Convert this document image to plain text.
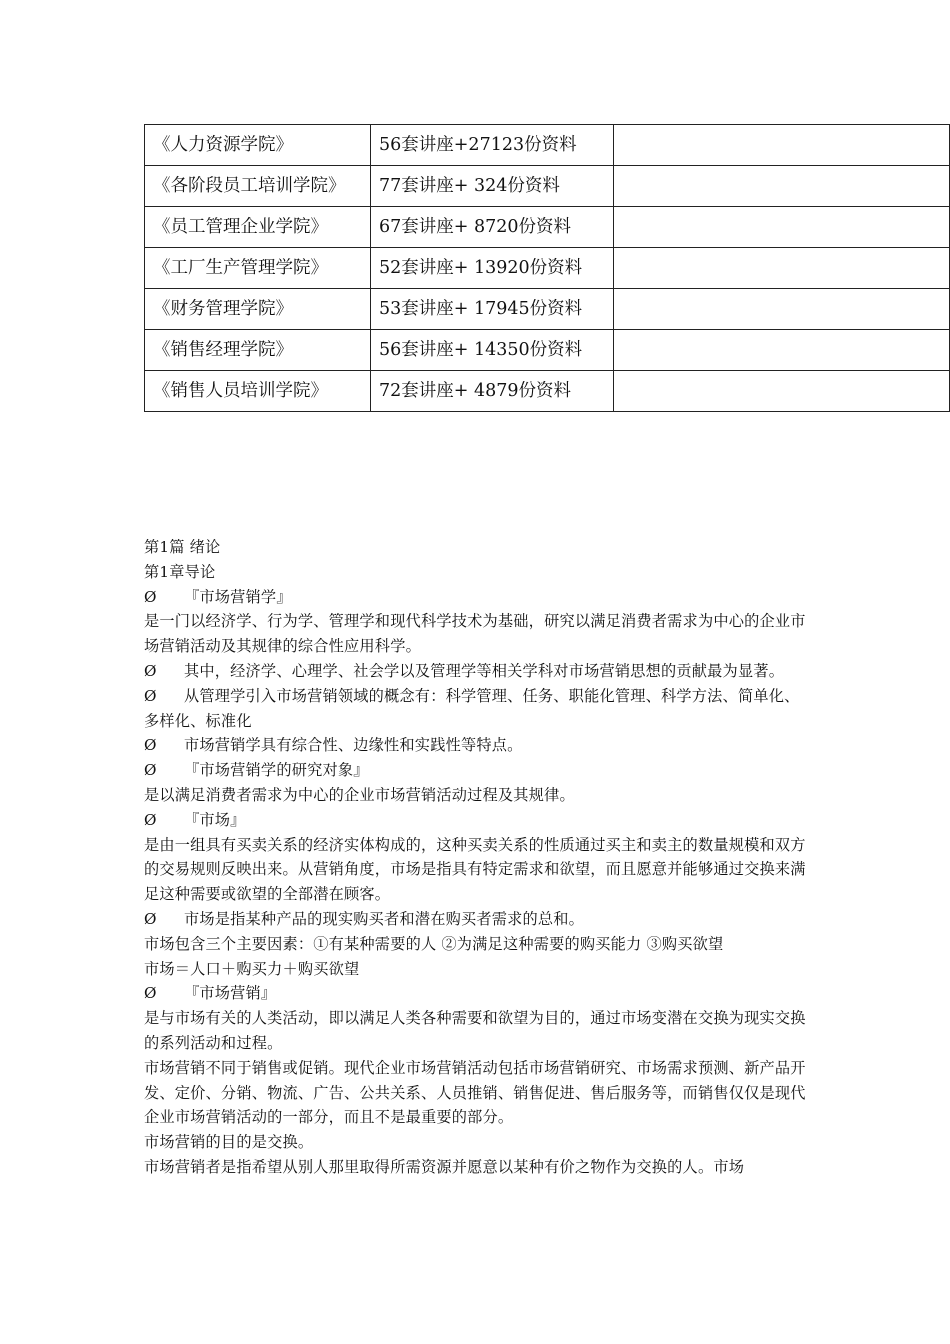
《人力资源学院》	56套讲座+27123份资料	
《各阶段员工培训学院》	77套讲座+ 324份资料	
《员工管理企业学院》	67套讲座+ 8720份资料	
《工厂生产管理学院》	52套讲座+ 13920份资料	
《财务管理学院》	53套讲座+ 17945份资料	
《销售经理学院》	56套讲座+ 14350份资料	
《销售人员培训学院》	72套讲座+ 4879份资料	

第1篇 绪论

第1章导论

Ø 『市场营销学』

是一门以经济学、行为学、管理学和现代科学技术为基础，研究以满足消费者需求为中心的企业市场营销活动及其规律的综合性应用科学。

Ø 其中，经济学、心理学、社会学以及管理学等相关学科对市场营销思想的贡献最为显著。

Ø 从管理学引入市场营销领域的概念有：科学管理、任务、职能化管理、科学方法、简单化、多样化、标准化

Ø 市场营销学具有综合性、边缘性和实践性等特点。

Ø 『市场营销学的研究对象』

是以满足消费者需求为中心的企业市场营销活动过程及其规律。

Ø 『市场』

是由一组具有买卖关系的经济实体构成的，这种买卖关系的性质通过买主和卖主的数量规模和双方的交易规则反映出来。从营销角度，市场是指具有特定需求和欲望，而且愿意并能够通过交换来满足这种需要或欲望的全部潜在顾客。

Ø 市场是指某种产品的现实购买者和潜在购买者需求的总和。

市场包含三个主要因素：①有某种需要的人 ②为满足这种需要的购买能力 ③购买欲望

市场＝人口＋购买力＋购买欲望

Ø 『市场营销』

是与市场有关的人类活动，即以满足人类各种需要和欲望为目的，通过市场变潜在交换为现实交换的系列活动和过程。

市场营销不同于销售或促销。现代企业市场营销活动包括市场营销研究、市场需求预测、新产品开发、定价、分销、物流、广告、公共关系、人员推销、销售促进、售后服务等，而销售仅仅是现代企业市场营销活动的一部分，而且不是最重要的部分。

市场营销的目的是交换。

市场营销者是指希望从别人那里取得所需资源并愿意以某种有价之物作为交换的人。市场
